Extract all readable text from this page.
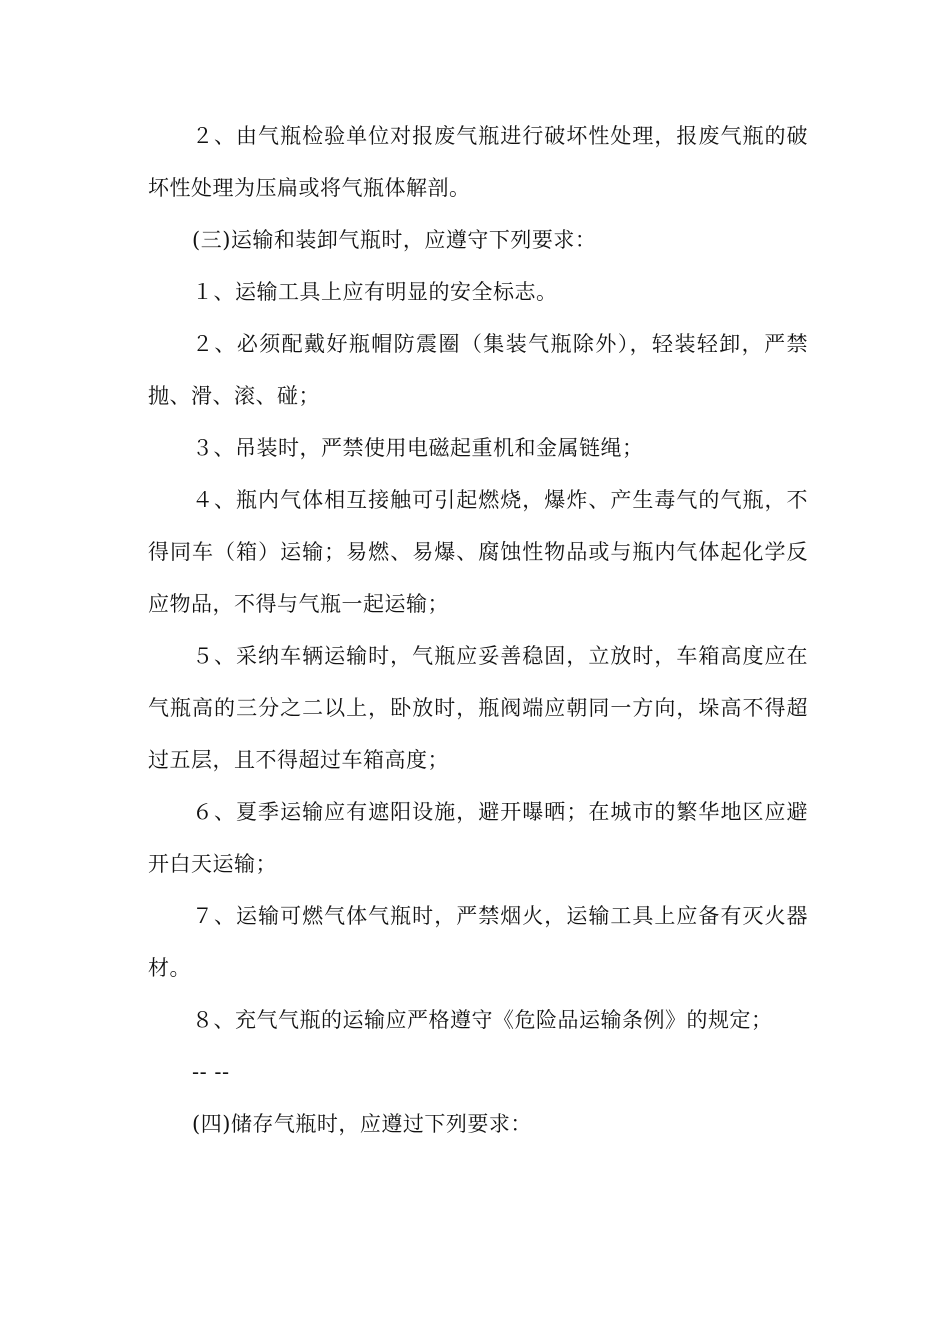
２、由气瓶检验单位对报废气瓶进行破坏性处理，报废气瓶的破坏性处理为压扁或将气瓶体解剖。

(三)运输和装卸气瓶时，应遵守下列要求：

１、运输工具上应有明显的安全标志。

２、必须配戴好瓶帽防震圈（集装气瓶除外），轻装轻卸，严禁抛、滑、滚、碰；

３、吊装时，严禁使用电磁起重机和金属链绳；

４、瓶内气体相互接触可引起燃烧，爆炸、产生毒气的气瓶，不得同车（箱）运输；易燃、易爆、腐蚀性物品或与瓶内气体起化学反应物品，不得与气瓶一起运输；

５、采纳车辆运输时，气瓶应妥善稳固，立放时，车箱高度应在气瓶高的三分之二以上，卧放时，瓶阀端应朝同一方向，垛高不得超过五层，且不得超过车箱高度；

６、夏季运输应有遮阳设施，避开曝晒；在城市的繁华地区应避开白天运输；

７、运输可燃气体气瓶时，严禁烟火，运输工具上应备有灭火器材。

８、充气气瓶的运输应严格遵守《危险品运输条例》的规定；

-- --

(四)储存气瓶时，应遵过下列要求：
